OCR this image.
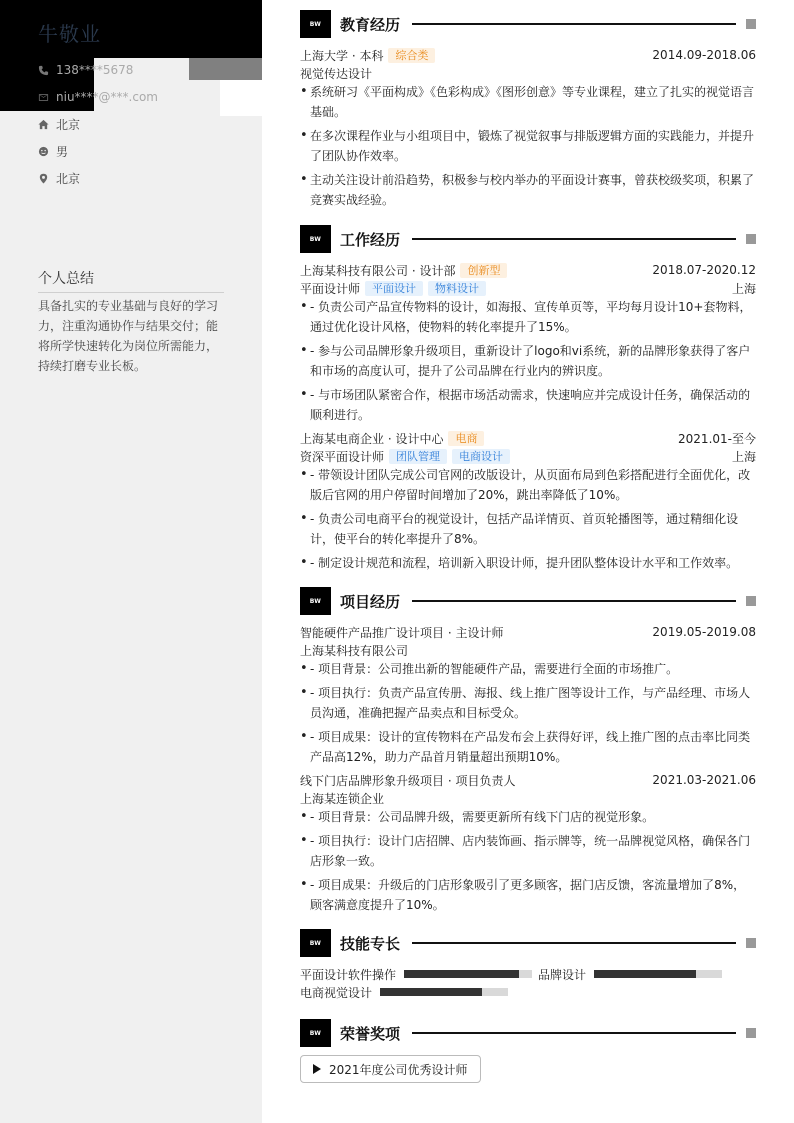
牛敬业
138****5678
niu****@***.com
北京
男
北京
个人总结
具备扎实的专业基础与良好的学习力，注重沟通协作与结果交付；能将所学快速转化为岗位所需能力，持续打磨专业长板。
BW	教育经历
上海大学 · 本科	综合类	2014.09-2018.06
视觉传达设计
• 系统研习《平面构成》《色彩构成》《图形创意》等专业课程，建立了扎实的视觉语言基础。
• 在多次课程作业与小组项目中，锻炼了视觉叙事与排版逻辑方面的实践能力，并提升了团队协作效率。
• 主动关注设计前沿趋势，积极参与校内举办的平面设计赛事，曾获校级奖项，积累了竞赛实战经验。
BW	工作经历
上海某科技有限公司 · 设计部	创新型	2018.07-2020.12
平面设计师	平面设计	物料设计	上海
• - 负责公司产品宣传物料的设计，如海报、宣传单页等，平均每月设计10+套物料，通过优化设计风格，使物料的转化率提升了15%。
• - 参与公司品牌形象升级项目，重新设计了logo和vi系统，新的品牌形象获得了客户和市场的高度认可，提升了公司品牌在行业内的辨识度。
• - 与市场团队紧密合作，根据市场活动需求，快速响应并完成设计任务，确保活动的顺利进行。
上海某电商企业 · 设计中心	电商	2021.01-至今
资深平面设计师	团队管理	电商设计	上海
• - 带领设计团队完成公司官网的改版设计，从页面布局到色彩搭配进行全面优化，改版后官网的用户停留时间增加了20%，跳出率降低了10%。
• - 负责公司电商平台的视觉设计，包括产品详情页、首页轮播图等，通过精细化设计，使平台的转化率提升了8%。
• - 制定设计规范和流程，培训新入职设计师，提升团队整体设计水平和工作效率。
BW	项目经历
智能硬件产品推广设计项目 · 主设计师	2019.05-2019.08
上海某科技有限公司
• - 项目背景：公司推出新的智能硬件产品，需要进行全面的市场推广。
• - 项目执行：负责产品宣传册、海报、线上推广图等设计工作，与产品经理、市场人员沟通，准确把握产品卖点和目标受众。
• - 项目成果：设计的宣传物料在产品发布会上获得好评，线上推广图的点击率比同类产品高12%，助力产品首月销量超出预期10%。
线下门店品牌形象升级项目 · 项目负责人	2021.03-2021.06
上海某连锁企业
• - 项目背景：公司品牌升级，需要更新所有线下门店的视觉形象。
• - 项目执行：设计门店招牌、店内装饰画、指示牌等，统一品牌视觉风格，确保各门店形象一致。
• - 项目成果：升级后的门店形象吸引了更多顾客，据门店反馈，客流量增加了8%，顾客满意度提升了10%。
BW	技能专长
平面设计软件操作	品牌设计
电商视觉设计
BW	荣誉奖项
2021年度公司优秀设计师
